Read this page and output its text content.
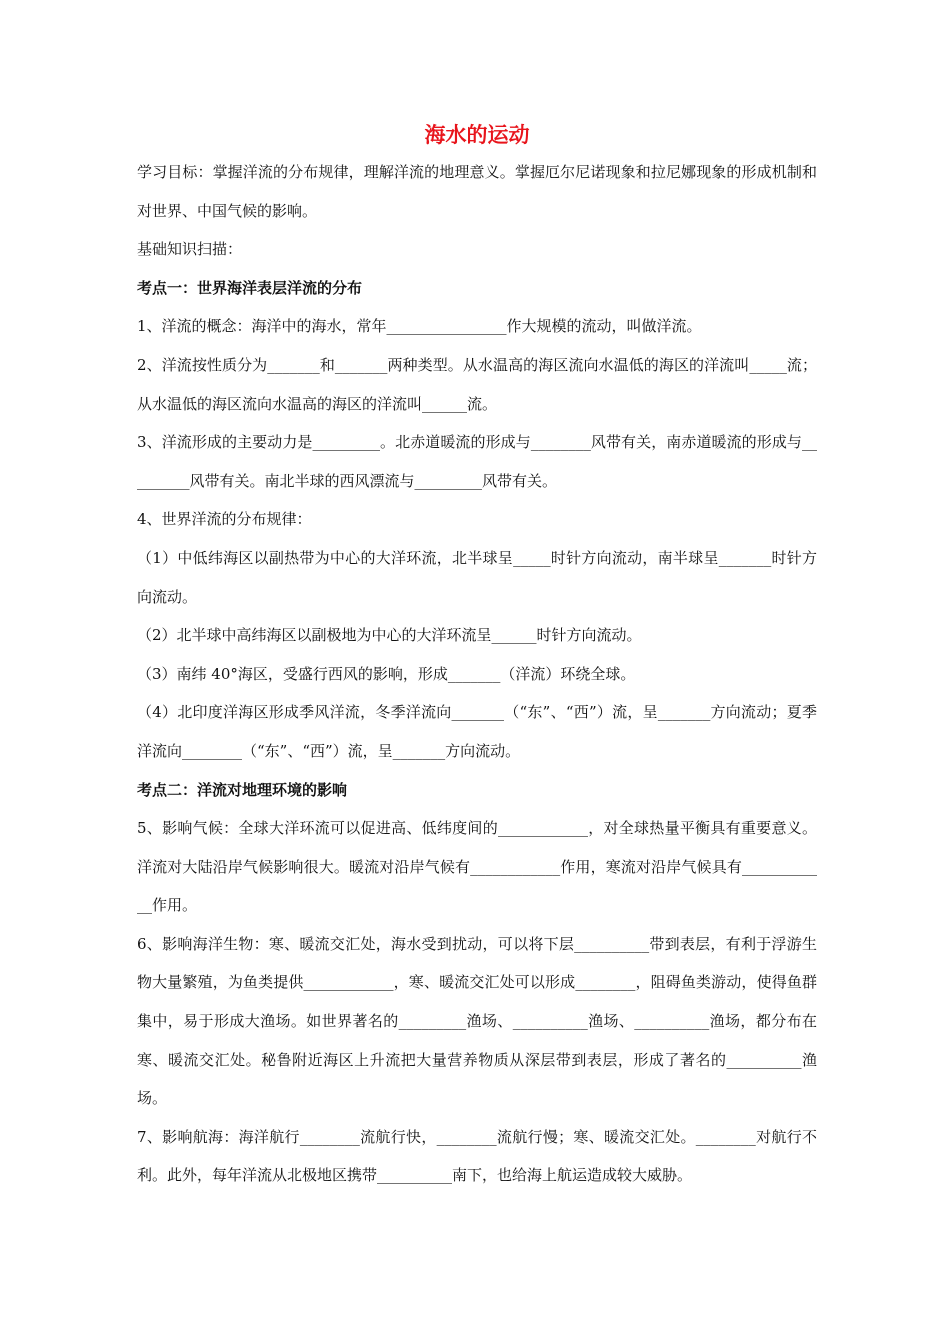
海水的运动
学习目标：掌握洋流的分布规律，理解洋流的地理意义。掌握厄尔尼诺现象和拉尼娜现象的形成机制和对世界、中国气候的影响。
基础知识扫描：
考点一：世界海洋表层洋流的分布
1、洋流的概念：海洋中的海水，常年________________作大规模的流动，叫做洋流。
2、洋流按性质分为_______和_______两种类型。从水温高的海区流向水温低的海区的洋流叫_____流；从水温低的海区流向水温高的海区的洋流叫______流。
3、洋流形成的主要动力是_________。北赤道暖流的形成与________风带有关，南赤道暖流的形成与_________风带有关。南北半球的西风漂流与_________风带有关。
4、世界洋流的分布规律：
（1）中低纬海区以副热带为中心的大洋环流，北半球呈_____时针方向流动，南半球呈_______时针方向流动。
（2）北半球中高纬海区以副极地为中心的大洋环流呈______时针方向流动。
（3）南纬 40°海区，受盛行西风的影响，形成_______（洋流）环绕全球。
（4）北印度洋海区形成季风洋流，冬季洋流向_______（“东”、“西”）流，呈_______方向流动；夏季洋流向________（“东”、“西”）流，呈_______方向流动。
考点二：洋流对地理环境的影响
5、影响气候：全球大洋环流可以促进高、低纬度间的____________，对全球热量平衡具有重要意义。洋流对大陆沿岸气候影响很大。暖流对沿岸气候有____________作用，寒流对沿岸气候具有____________作用。
6、影响海洋生物：寒、暖流交汇处，海水受到扰动，可以将下层__________带到表层，有利于浮游生物大量繁殖，为鱼类提供____________，寒、暖流交汇处可以形成________，阻碍鱼类游动，使得鱼群集中，易于形成大渔场。如世界著名的_________渔场、__________渔场、__________渔场，都分布在寒、暖流交汇处。秘鲁附近海区上升流把大量营养物质从深层带到表层，形成了著名的__________渔场。
7、影响航海：海洋航行________流航行快，________流航行慢；寒、暖流交汇处。________对航行不利。此外，每年洋流从北极地区携带__________南下，也给海上航运造成较大威胁。
